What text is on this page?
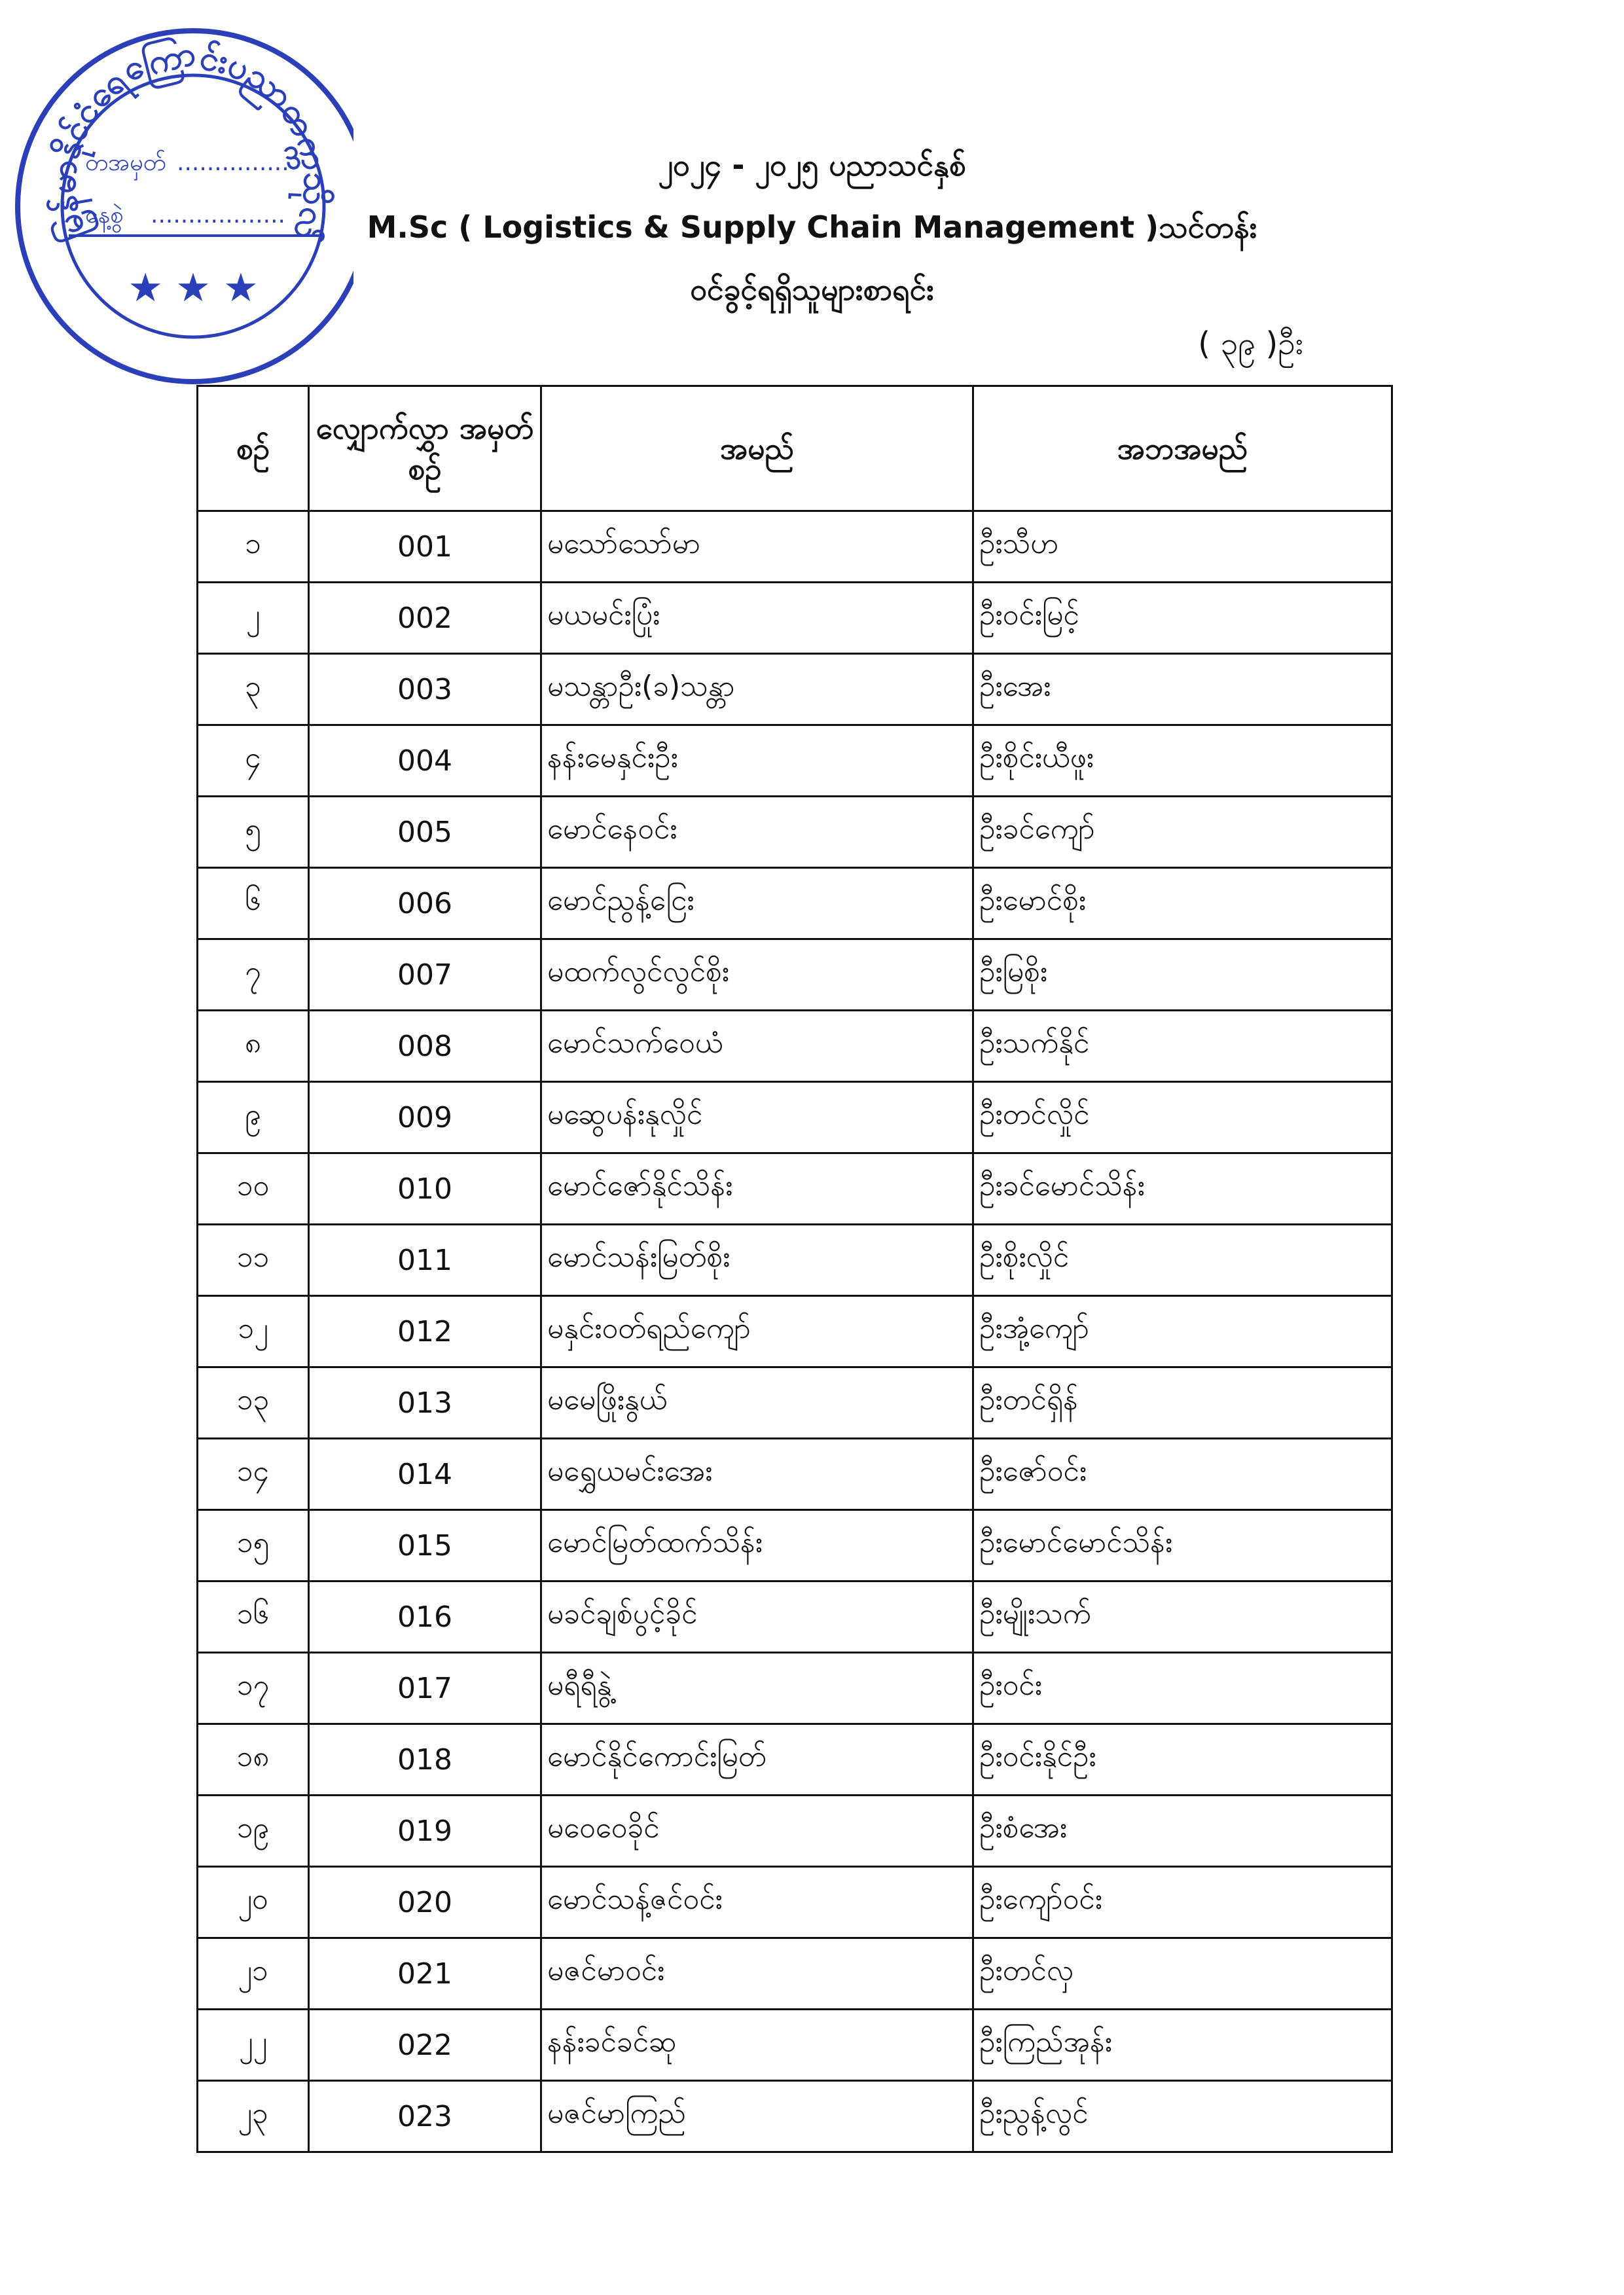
မြန်မာနိုင်ငံရေကြောင်းပညာတက္ကသိုလ်
တအမှတ် ...............
နေ့စွဲ ..................
★ ★ ★
၂၀၂၄ - ၂၀၂၅ ပညာသင်နှစ်
M.Sc ( Logistics & Supply Chain Management )သင်တန်း
ဝင်ခွင့်ရရှိသူများစာရင်း
( ၃၉ )ဦး
စဉ်	လျှောက်လွှာ အမှတ်စဉ်	အမည်	အဘအမည်
၁	001	မသော်သော်မာ	ဦးသီဟ
၂	002	မယမင်းပြုံး	ဦးဝင်းမြင့်
၃	003	မသန္တာဦး(ခ)သန္တာ	ဦးအေး
၄	004	နန်းမေနှင်းဦး	ဦးစိုင်းယီဖူး
၅	005	မောင်နေဝင်း	ဦးခင်ကျော်
၆	006	မောင်ညွန့်ငြေး	ဦးမောင်စိုး
၇	007	မထက်လွင်လွင်စိုး	ဦးမြစိုး
၈	008	မောင်သက်ဝေယံ	ဦးသက်နိုင်
၉	009	မဆွေပန်းနုလှိုင်	ဦးတင်လှိုင်
၁၀	010	မောင်ဇော်နိုင်သိန်း	ဦးခင်မောင်သိန်း
၁၁	011	မောင်သန်းမြတ်စိုး	ဦးစိုးလှိုင်
၁၂	012	မနှင်းဝတ်ရည်ကျော်	ဦးအုံ့ကျော်
၁၃	013	မမေဖြိုးနွယ်	ဦးတင်ရှိန်
၁၄	014	မရွှေယမင်းအေး	ဦးဇော်ဝင်း
၁၅	015	မောင်မြတ်ထက်သိန်း	ဦးမောင်မောင်သိန်း
၁၆	016	မခင်ချစ်ပွင့်ခိုင်	ဦးမျိုးသက်
၁၇	017	မရီရီနွဲ့	ဦးဝင်း
၁၈	018	မောင်နိုင်ကောင်းမြတ်	ဦးဝင်းနိုင်ဦး
၁၉	019	မဝေဝေခိုင်	ဦးစံအေး
၂၀	020	မောင်သန့်ဇင်ဝင်း	ဦးကျော်ဝင်း
၂၁	021	မဇင်မာဝင်း	ဦးတင်လှ
၂၂	022	နန်းခင်ခင်ဆု	ဦးကြည်အုန်း
၂၃	023	မဇင်မာကြည်	ဦးညွန့်လွင်
